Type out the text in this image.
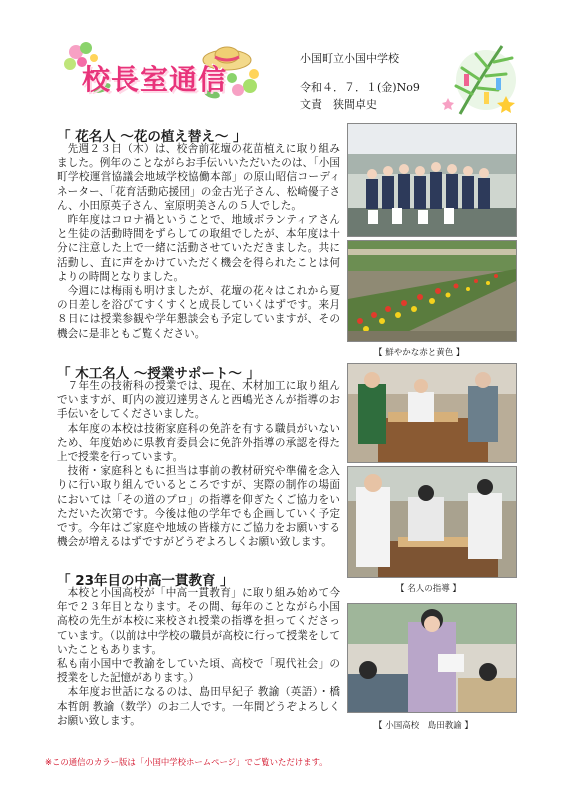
校長室通信
小国町立小国中学校
令和４．７．１(金)No9
文責　狭間卓史
「 花名人 ～花の植え替え～ 」

先週２３日（木）は、校舎前花壇の花苗植えに取り組みました。例年のことながらお手伝いいただいたのは、「小国町学校運営協議会地域学校協働本部」の原山昭信コーディネーター、「花育活動応援団」の金古光子さん、松崎優子さん、小田原英子さん、室原明美さんの５人でした。

昨年度はコロナ禍ということで、地域ボランティアさんと生徒の活動時間をずらしての取組でしたが、本年度は十分に注意した上で一緒に活動させていただきました。共に活動し、直に声をかけていただく機会を得られたことは何よりの時間となりました。

今週には梅雨も明けましたが、花壇の花々はこれから夏の日差しを浴びてすくすくと成長していくはずです。来月８日には授業参観や学年懇談会も予定していますが、その機会に是非ともご覧ください。

「 木工名人 ～授業サポート～ 」

７年生の技術科の授業では、現在、木材加工に取り組んでいますが、町内の渡辺達男さんと西嶋光さんが指導のお手伝いをしてくださいました。

本年度の本校は技術家庭科の免許を有する職員がいないため、年度始めに県教育委員会に免許外指導の承認を得た上で授業を行っています。

技術・家庭科ともに担当は事前の教材研究や準備を念入りに行い取り組んでいるところですが、実際の制作の場面においては「その道のプロ」の指導を仰ぎたくご協力をいただいた次第です。今後は他の学年でも企画していく予定です。今年はご家庭や地域の皆様方にご協力をお願いする機会が増えるはずですがどうぞよろしくお願い致します。

「 23年目の中高一貫教育 」

本校と小国高校が「中高一貫教育」に取り組み始めて今年で２３年目となります。その間、毎年のことながら小国高校の先生が本校に来校され授業の指導を担ってくださっています。（以前は中学校の職員が高校に行って授業をしていたこともあります。

私も南小国中で教諭をしていた頃、高校で「現代社会」の授業をした記憶があります。）

本年度お世話になるのは、島田早紀子 教諭（英語）・橋本哲朗 教諭（数学）のお二人です。一年間どうぞよろしくお願い致します。

【 鮮やかな赤と黄色 】
【 名人の指導 】
【 小国高校　島田教諭 】
※この通信のカラー版は「小国中学校ホームページ」でご覧いただけます。
